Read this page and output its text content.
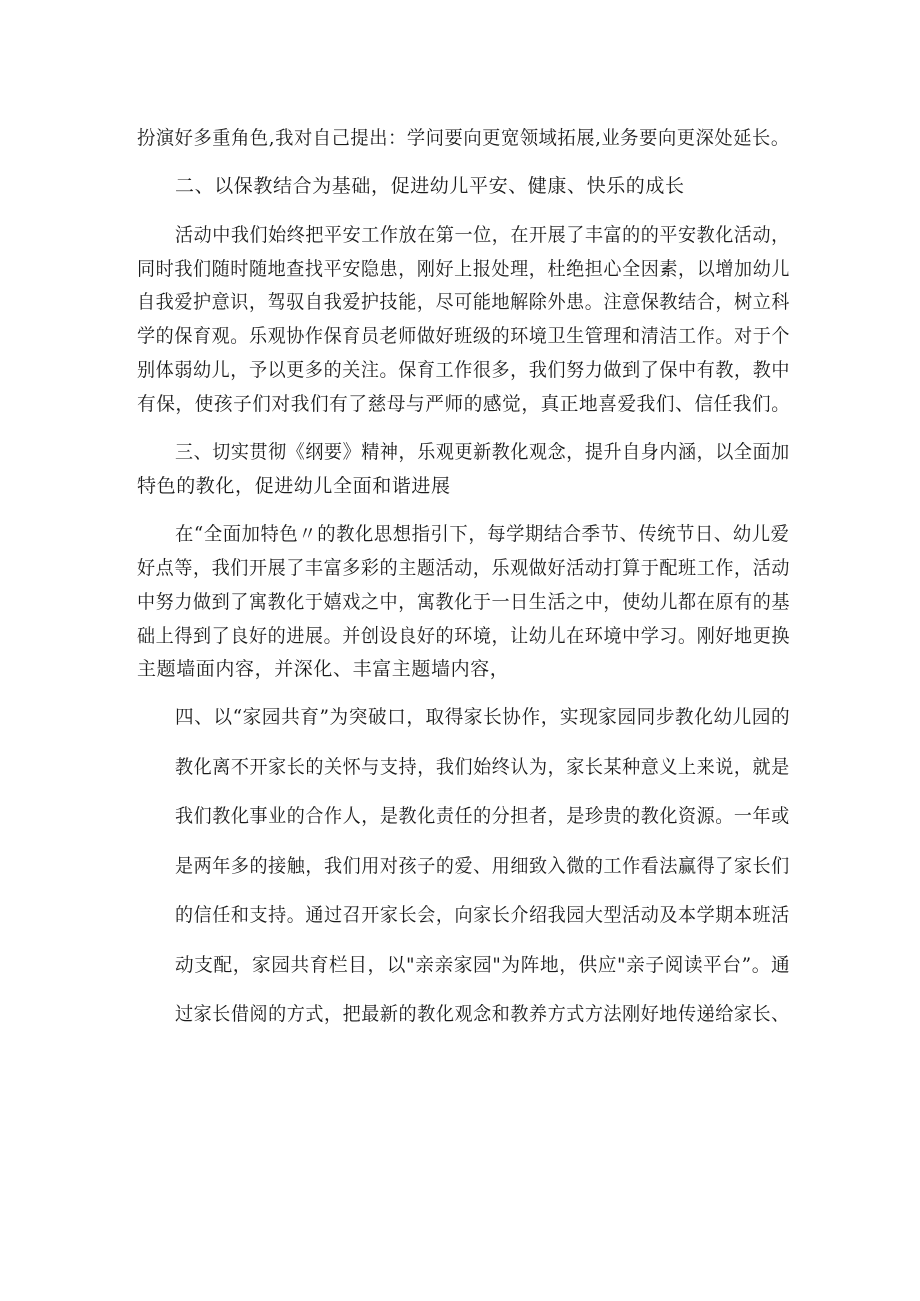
扮演好多重角色,我对自己提出：学问要向更宽领域拓展,业务要向更深处延长。
二、以保教结合为基础，促进幼儿平安、健康、快乐的成长
活动中我们始终把平安工作放在第一位，在开展了丰富的的平安教化活动，
同时我们随时随地查找平安隐患，刚好上报处理，杜绝担心全因素，以增加幼儿
自我爱护意识，驾驭自我爱护技能，尽可能地解除外患。注意保教结合，树立科
学的保育观。乐观协作保育员老师做好班级的环境卫生管理和清洁工作。对于个
别体弱幼儿，予以更多的关注。保育工作很多，我们努力做到了保中有教，教中
有保，使孩子们对我们有了慈母与严师的感觉，真正地喜爱我们、信任我们。
三、切实贯彻《纲要》精神，乐观更新教化观念，提升自身内涵，以全面加
特色的教化，促进幼儿全面和谐进展
在“全面加特色〃的教化思想指引下，每学期结合季节、传统节日、幼儿爱
好点等，我们开展了丰富多彩的主题活动，乐观做好活动打算于配班工作，活动
中努力做到了寓教化于嬉戏之中，寓教化于一日生活之中，使幼儿都在原有的基
础上得到了良好的进展。并创设良好的环境，让幼儿在环境中学习。刚好地更换
主题墙面内容，并深化、丰富主题墙内容，
四、以“家园共育”为突破口，取得家长协作，实现家园同步教化幼儿园的
教化离不开家长的关怀与支持，我们始终认为，家长某种意义上来说，就是
我们教化事业的合作人，是教化责任的分担者，是珍贵的教化资源。一年或
是两年多的接触，我们用对孩子的爱、用细致入微的工作看法赢得了家长们
的信任和支持。通过召开家长会，向家长介绍我园大型活动及本学期本班活
动支配，家园共育栏目，以"亲亲家园"为阵地，供应"亲子阅读平台”。通
过家长借阅的方式，把最新的教化观念和教养方式方法刚好地传递给家长、
